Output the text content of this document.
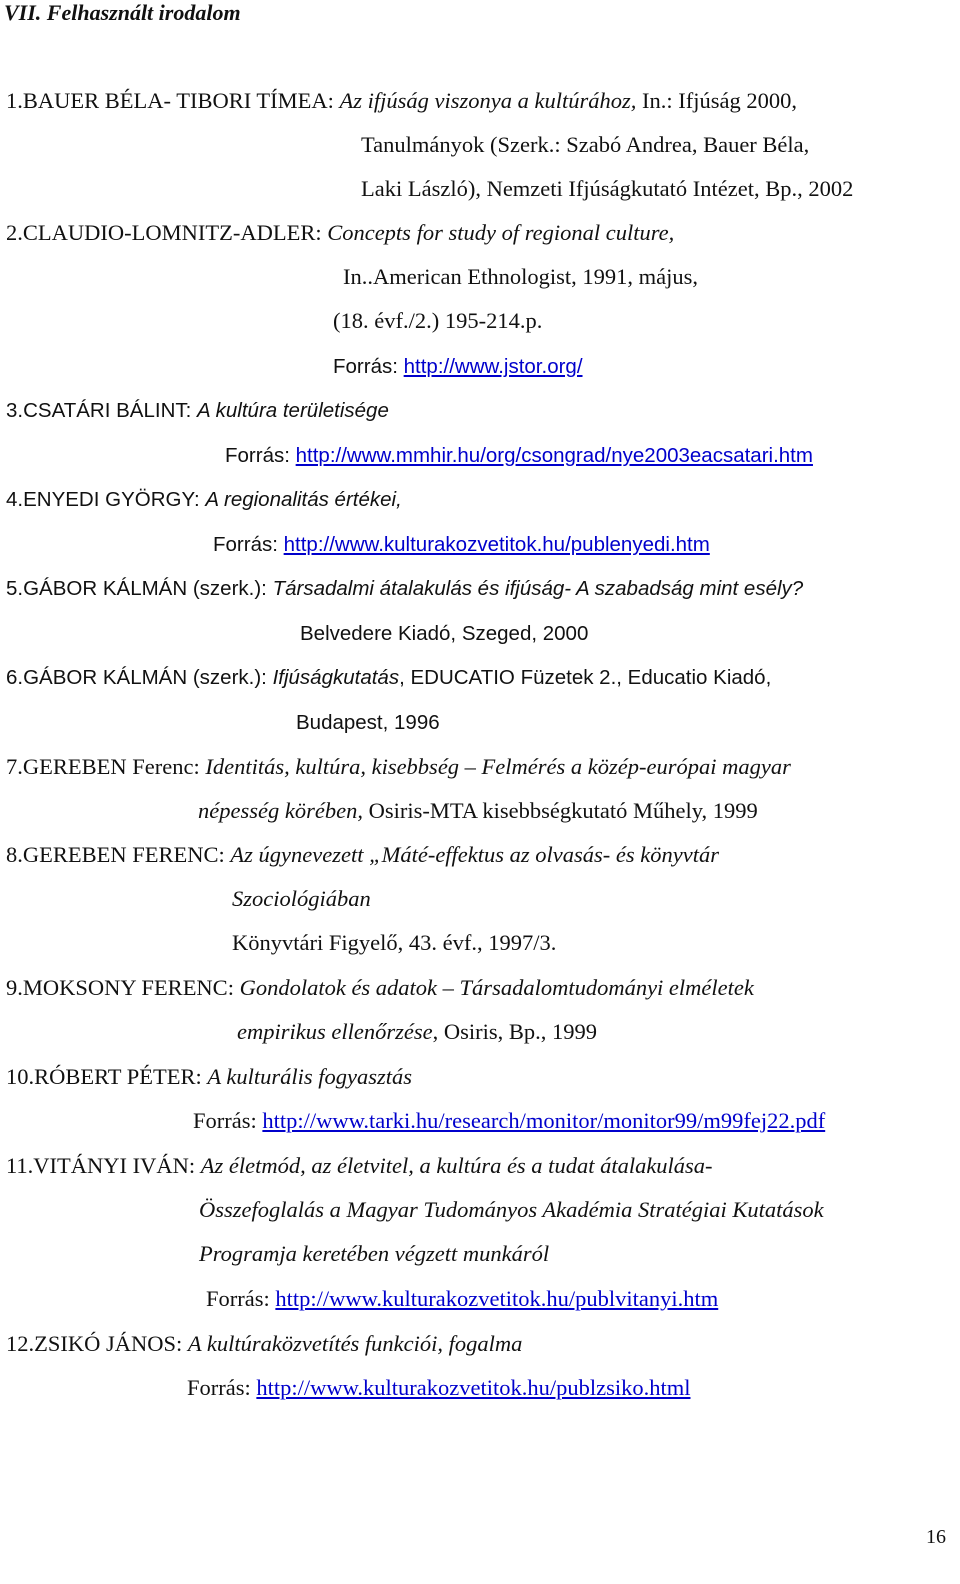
VII. Felhasznált irodalom
1.BAUER BÉLA- TIBORI TÍMEA: Az ifjúság viszonya a kultúrához, In.: Ifjúság 2000,
Tanulmányok (Szerk.: Szabó Andrea, Bauer Béla,
Laki László), Nemzeti Ifjúságkutató Intézet, Bp., 2002
2.CLAUDIO-LOMNITZ-ADLER: Concepts for study of regional culture,
In..American Ethnologist, 1991, május,
(18. évf./2.) 195-214.p.
Forrás: http://www.jstor.org/
3.CSATÁRI BÁLINT: A kultúra területisége
Forrás: http://www.mmhir.hu/org/csongrad/nye2003eacsatari.htm
4.ENYEDI GYÖRGY: A regionalitás értékei,
Forrás: http://www.kulturakozvetitok.hu/publenyedi.htm
5.GÁBOR KÁLMÁN (szerk.): Társadalmi átalakulás és ifjúság- A szabadság mint esély?
Belvedere Kiadó, Szeged, 2000
6.GÁBOR KÁLMÁN (szerk.): Ifjúságkutatás, EDUCATIO Füzetek 2., Educatio Kiadó,
Budapest, 1996
7.GEREBEN Ferenc: Identitás, kultúra, kisebbség – Felmérés a közép-európai magyar
népesség körében, Osiris-MTA kisebbségkutató Műhely, 1999
8.GEREBEN FERENC: Az úgynevezett „Máté-effektus az olvasás- és könyvtár
Szociológiában
Könyvtári Figyelő, 43. évf., 1997/3.
9.MOKSONY FERENC: Gondolatok és adatok – Társadalomtudományi elméletek
empirikus ellenőrzése, Osiris, Bp., 1999
10.RÓBERT PÉTER: A kulturális fogyasztás
Forrás: http://www.tarki.hu/research/monitor/monitor99/m99fej22.pdf
11.VITÁNYI IVÁN: Az életmód, az életvitel, a kultúra és a tudat átalakulása-
Összefoglalás a Magyar Tudományos Akadémia Stratégiai Kutatások
Programja keretében végzett munkáról
Forrás: http://www.kulturakozvetitok.hu/publvitanyi.htm
12.ZSIKÓ JÁNOS: A kultúraközvetítés funkciói, fogalma
Forrás: http://www.kulturakozvetitok.hu/publzsiko.html
16
